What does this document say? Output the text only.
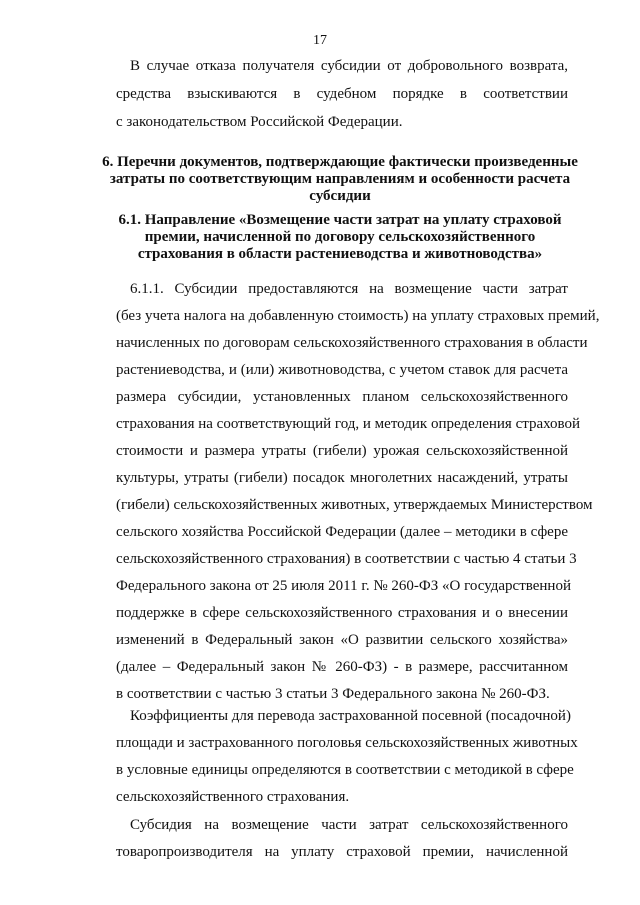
17
В случае отказа получателя субсидии от добровольного возврата,
средства взыскиваются в судебном порядке в соответствии
с законодательством Российской Федерации.
6. Перечни документов, подтверждающие фактически произведенные
затраты по соответствующим направлениям и особенности расчета
субсидии
6.1. Направление «Возмещение части затрат на уплату страховой
премии, начисленной по договору сельскохозяйственного
страхования в области растениеводства и животноводства»
6.1.1. Субсидии предоставляются на возмещение части затрат
(без учета налога на добавленную стоимость) на уплату страховых премий,
начисленных по договорам сельскохозяйственного страхования в области
растениеводства, и (или) животноводства, с учетом ставок для расчета
размера субсидии, установленных планом сельскохозяйственного
страхования на соответствующий год, и методик определения страховой
стоимости и размера утраты (гибели) урожая сельскохозяйственной
культуры, утраты (гибели) посадок многолетних насаждений, утраты
(гибели) сельскохозяйственных животных, утверждаемых Министерством
сельского хозяйства Российской Федерации (далее – методики в сфере
сельскохозяйственного страхования) в соответствии с частью 4 статьи 3
Федерального закона от 25 июля 2011 г. № 260-ФЗ «О государственной
поддержке в сфере сельскохозяйственного страхования и о внесении
изменений в Федеральный закон «О развитии сельского хозяйства»
(далее – Федеральный закон № 260-ФЗ) - в размере, рассчитанном
в соответствии с частью 3 статьи 3 Федерального закона № 260-ФЗ.
Коэффициенты для перевода застрахованной посевной (посадочной)
площади и застрахованного поголовья сельскохозяйственных животных
в условные единицы определяются в соответствии с методикой в сфере
сельскохозяйственного страхования.
Субсидия на возмещение части затрат сельскохозяйственного
товаропроизводителя на уплату страховой премии, начисленной
